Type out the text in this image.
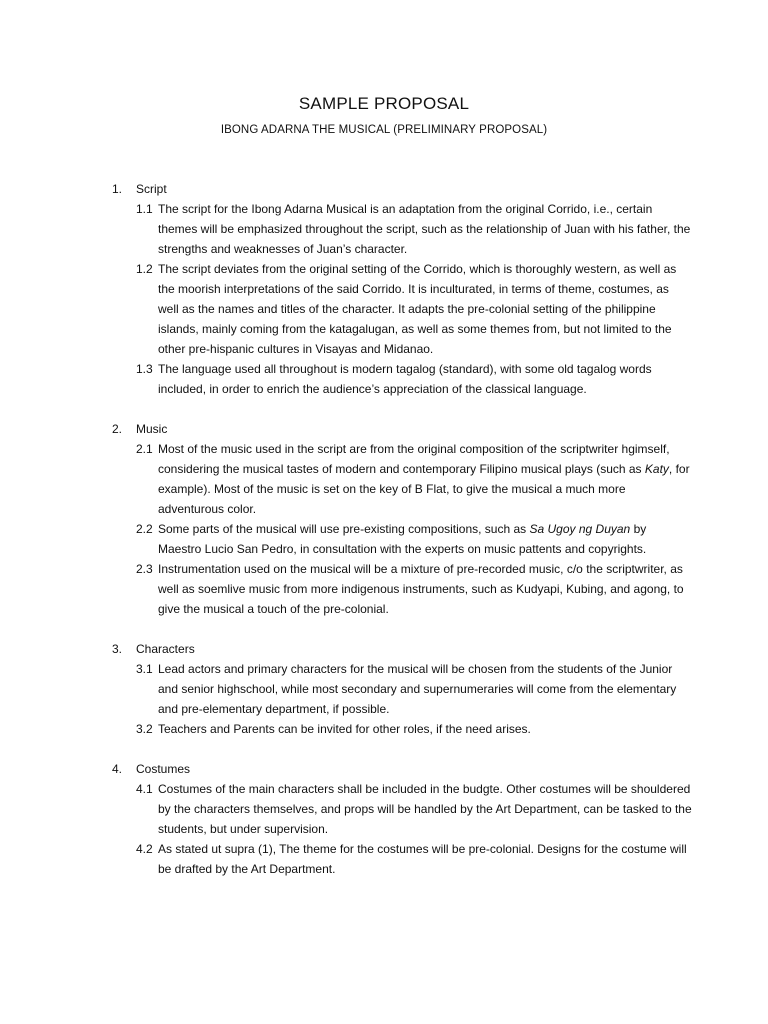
SAMPLE PROPOSAL
IBONG ADARNA THE MUSICAL (PRELIMINARY PROPOSAL)
1. Script
1.1 The script for the Ibong Adarna Musical is an adaptation from the original Corrido, i.e., certain themes will be emphasized throughout the script, such as the relationship of Juan with his father, the strengths and weaknesses of Juan’s character.
1.2 The script deviates from the original setting of the Corrido, which is thoroughly western, as well as the moorish interpretations of the said Corrido. It is inculturated, in terms of theme, costumes, as well as the names and titles of the character. It adapts the pre-colonial setting of the philippine islands, mainly coming from the katagalugan, as well as some themes from, but not limited to the other pre-hispanic cultures in Visayas and Midanao.
1.3 The language used all throughout is modern tagalog (standard), with some old tagalog words included, in order to enrich the audience’s appreciation of the classical language.
2. Music
2.1 Most of the music used in the script are from the original composition of the scriptwriter hgimself, considering the musical tastes of modern and contemporary Filipino musical plays (such as Katy, for example). Most of the music is set on the key of B Flat, to give the musical a much more adventurous color.
2.2 Some parts of the musical will use pre-existing compositions, such as Sa Ugoy ng Duyan by Maestro Lucio San Pedro, in consultation with the experts on music pattents and copyrights.
2.3 Instrumentation used on the musical will be a mixture of pre-recorded music, c/o the scriptwriter, as well as soemlive music from more indigenous instruments, such as Kudyapi, Kubing, and agong, to give the musical a touch of the pre-colonial.
3. Characters
3.1 Lead actors and primary characters for the musical will be chosen from the students of the Junior and senior highschool, while most secondary and supernumeraries will come from the elementary and pre-elementary department, if possible.
3.2 Teachers and Parents can be invited for other roles, if the need arises.
4. Costumes
4.1 Costumes of the main characters shall be included in the budgte. Other costumes will be shouldered by the characters themselves, and props will be handled by the Art Department, can be tasked to the students, but under supervision.
4.2 As stated ut supra (1), The theme for the costumes will be pre-colonial. Designs for the costume will be drafted by the Art Department.
